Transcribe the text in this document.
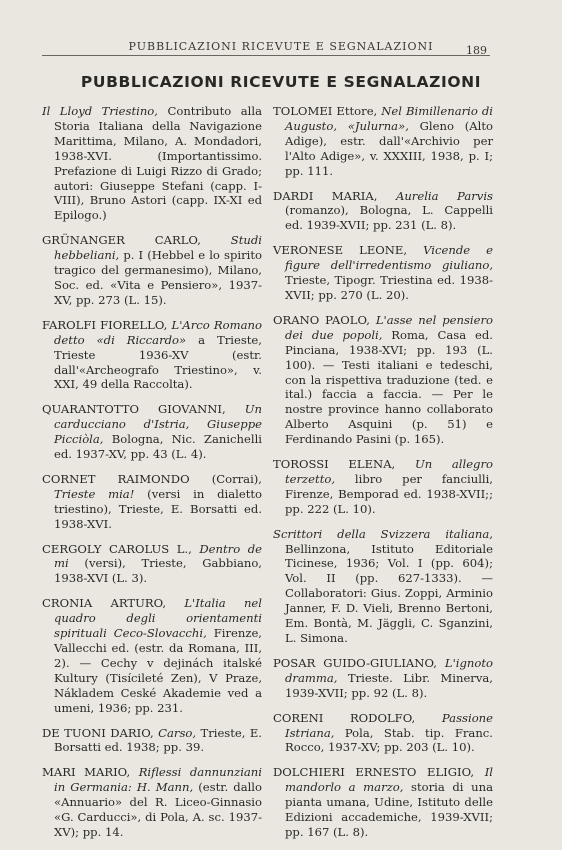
PUBBLICAZIONI RICEVUTE E SEGNALAZIONI	189
PUBBLICAZIONI RICEVUTE E SEGNALAZIONI

Il Lloyd Triestino, Contributo alla Storia Italiana della Navigazione Marittima, Milano, A. Mondadori, 1938-XVI. (Importantissimo. Prefazione di Luigi Rizzo di Grado; autori: Giuseppe Stefani (capp. I-VIII), Bruno Astori (capp. IX-XI ed Epilogo.)

GRÜNANGER CARLO, Studi hebbeliani, p. I (Hebbel e lo spirito tragico del germanesimo), Milano, Soc. ed. «Vita e Pensiero», 1937-XV, pp. 273 (L. 15).

FAROLFI FIORELLO, L'Arco Romano detto «di Riccardo» a Trieste, Trieste 1936-XV (estr. dall'«Archeografo Triestino», v. XXI, 49 della Raccolta).

QUARANTOTTO GIOVANNI, Un carducciano d'Istria, Giuseppe Picciòla, Bologna, Nic. Zanichelli ed. 1937-XV, pp. 43 (L. 4).

CORNET RAIMONDO (Corrai), Trieste mia! (versi in dialetto triestino), Trieste, E. Borsatti ed. 1938-XVI.

CERGOLY CAROLUS L., Dentro de mi (versi), Trieste, Gabbiano, 1938-XVI (L. 3).

CRONIA ARTURO, L'Italia nel quadro degli orientamenti spirituali Ceco-Slovacchi, Firenze, Vallecchi ed. (estr. da Romana, III, 2). — Cechy v dejinách italské Kultury (Tisícileté Zen), V Praze, Nákladem Ceské Akademie ved a umeni, 1936; pp. 231.

DE TUONI DARIO, Carso, Trieste, E. Borsatti ed. 1938; pp. 39.

MARI MARIO, Riflessi dannunziani in Germania: H. Mann, (estr. dallo «Annuario» del R. Liceo-Ginnasio «G. Carducci», di Pola, A. sc. 1937-XV); pp. 14.

TOLOMEI Ettore, Nel Bimillenario di Augusto, «Julurna», Gleno (Alto Adige), estr. dall'«Archivio per l'Alto Adige», v. XXXIII, 1938, p. I; pp. 111.

DARDI MARIA, Aurelia Parvis (romanzo), Bologna, L. Cappelli ed. 1939-XVII; pp. 231 (L. 8).

VERONESE LEONE, Vicende e figure dell'irredentismo giuliano, Trieste, Tipogr. Triestina ed. 1938-XVII; pp. 270 (L. 20).

ORANO PAOLO, L'asse nel pensiero dei due popoli, Roma, Casa ed. Pinciana, 1938-XVI; pp. 193 (L. 100). — Testi italiani e tedeschi, con la rispettiva traduzione (ted. e ital.) faccia a faccia. — Per le nostre province hanno collaborato Alberto Asquini (p. 51) e Ferdinando Pasini (p. 165).

TOROSSI ELENA, Un allegro terzetto, libro per fanciulli, Firenze, Bemporad ed. 1938-XVII;; pp. 222 (L. 10).

Scrittori della Svizzera italiana, Bellinzona, Istituto Editoriale Ticinese, 1936; Vol. I (pp. 604); Vol. II (pp. 627-1333). — Collaboratori: Gius. Zoppi, Arminio Janner, F. D. Vieli, Brenno Bertoni, Em. Bontà, M. Jäggli, C. Sganzini, L. Simona.

POSAR GUIDO-GIULIANO, L'ignoto dramma, Trieste. Libr. Minerva, 1939-XVII; pp. 92 (L. 8).

CORENI RODOLFO, Passione Istriana, Pola, Stab. tip. Franc. Rocco, 1937-XV; pp. 203 (L. 10).

DOLCHIERI ERNESTO ELIGIO, Il mandorlo a marzo, storia di una pianta umana, Udine, Istituto delle Edizioni accademiche, 1939-XVII; pp. 167 (L. 8).
